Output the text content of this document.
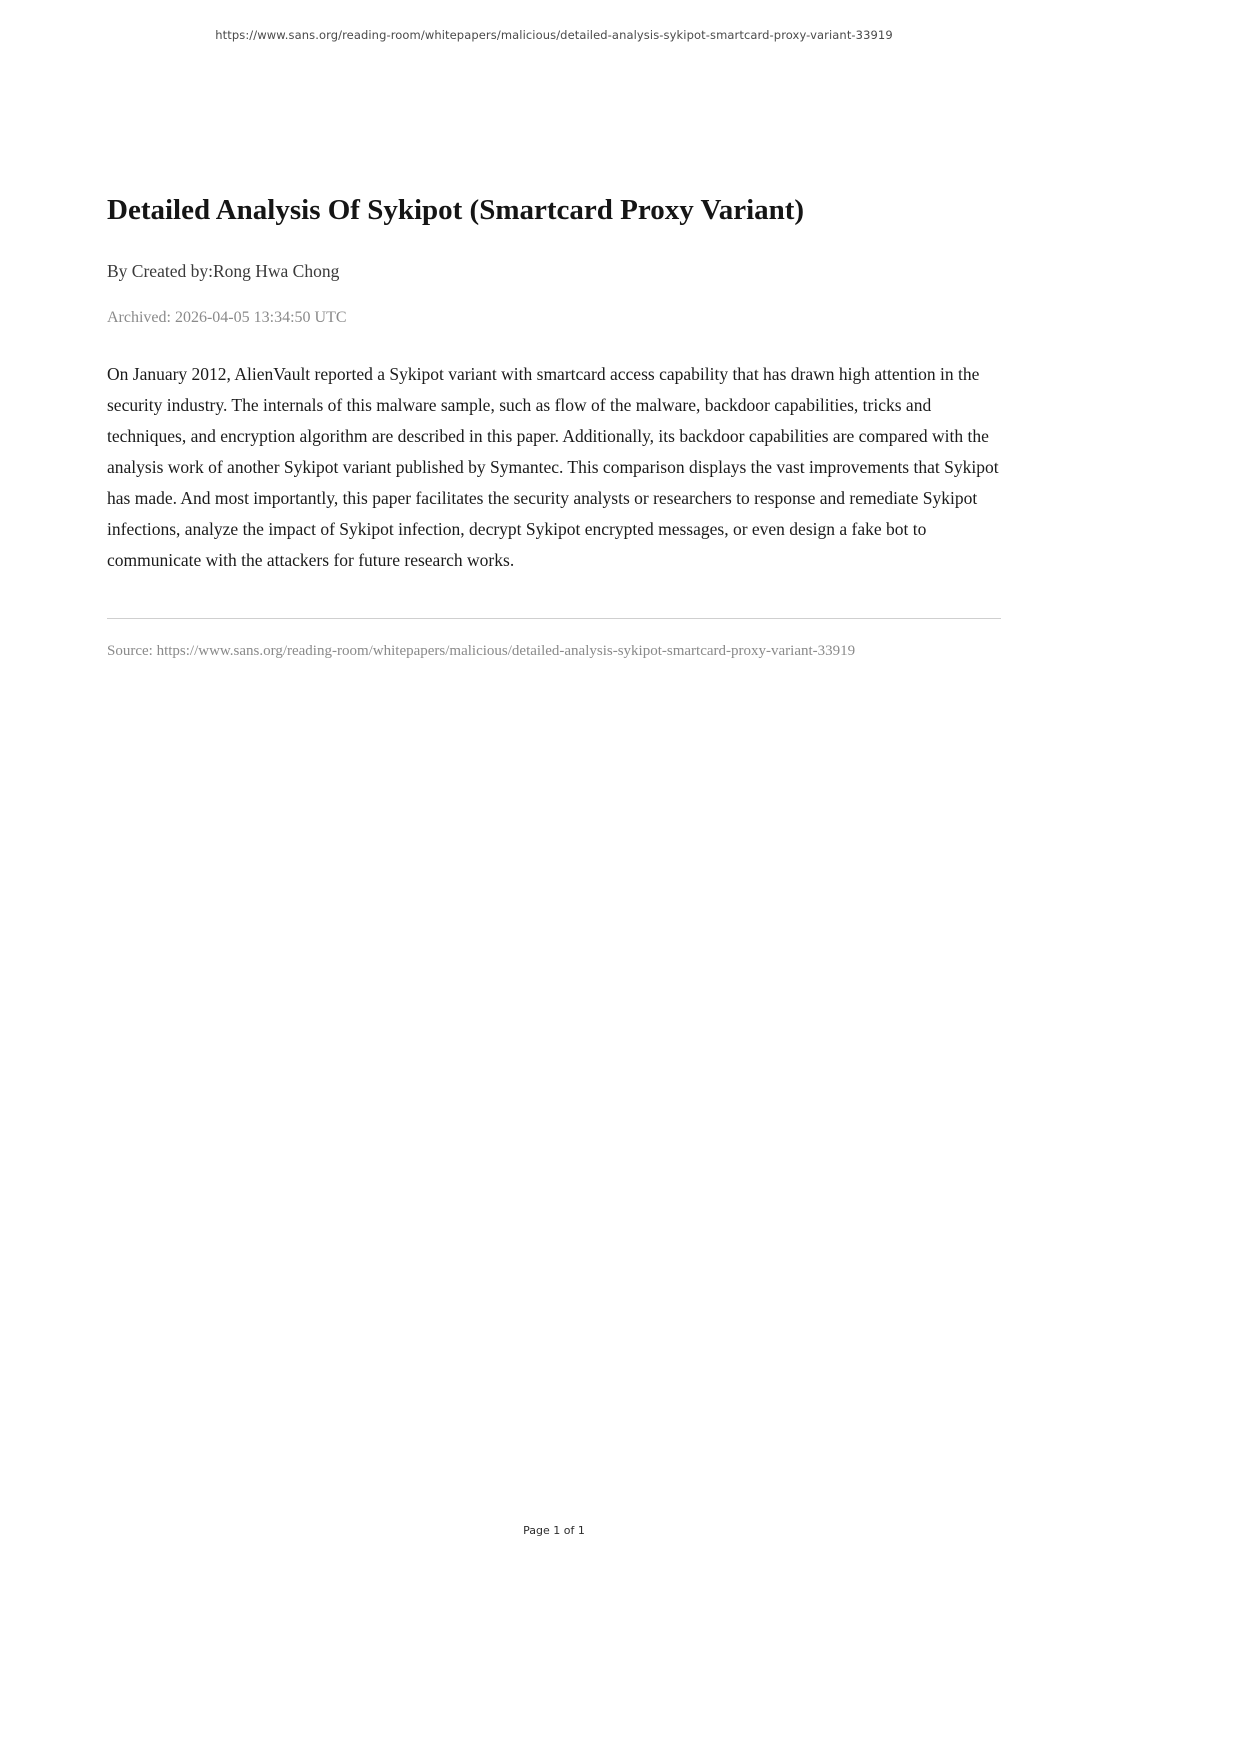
https://www.sans.org/reading-room/whitepapers/malicious/detailed-analysis-sykipot-smartcard-proxy-variant-33919
Detailed Analysis Of Sykipot (Smartcard Proxy Variant)
By Created by:Rong Hwa Chong
Archived: 2026-04-05 13:34:50 UTC

On January 2012, AlienVault reported a Sykipot variant with smartcard access capability that has drawn high attention in the security industry. The internals of this malware sample, such as flow of the malware, backdoor capabilities, tricks and techniques, and encryption algorithm are described in this paper. Additionally, its backdoor capabilities are compared with the analysis work of another Sykipot variant published by Symantec. This comparison displays the vast improvements that Sykipot has made. And most importantly, this paper facilitates the security analysts or researchers to response and remediate Sykipot infections, analyze the impact of Sykipot infection, decrypt Sykipot encrypted messages, or even design a fake bot to communicate with the attackers for future research works.

Source: https://www.sans.org/reading-room/whitepapers/malicious/detailed-analysis-sykipot-smartcard-proxy-variant-33919
Page 1 of 1
